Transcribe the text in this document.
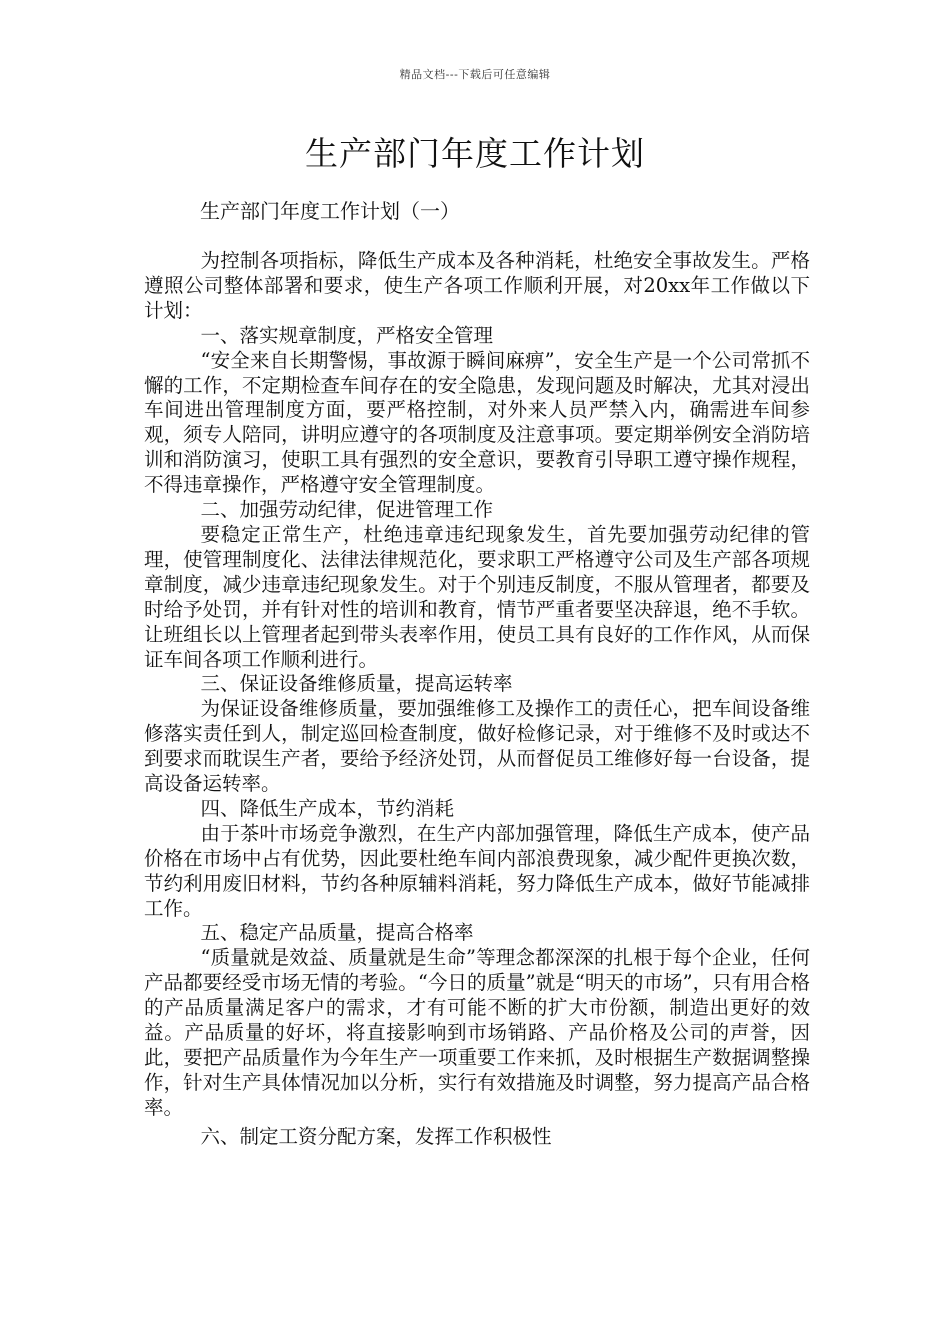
精品文档---下载后可任意编辑
生产部门年度工作计划

生产部门年度工作计划（一）

为控制各项指标，降低生产成本及各种消耗，杜绝安全事故发生。严格遵照公司整体部署和要求，使生产各项工作顺利开展，对20xx年工作做以下计划：

一、落实规章制度，严格安全管理

“安全来自长期警惕，事故源于瞬间麻痹”，安全生产是一个公司常抓不懈的工作，不定期检查车间存在的安全隐患，发现问题及时解决，尤其对浸出车间进出管理制度方面，要严格控制，对外来人员严禁入内，确需进车间参观，须专人陪同，讲明应遵守的各项制度及注意事项。要定期举例安全消防培训和消防演习，使职工具有强烈的安全意识，要教育引导职工遵守操作规程，不得违章操作，严格遵守安全管理制度。

二、加强劳动纪律，促进管理工作

要稳定正常生产，杜绝违章违纪现象发生，首先要加强劳动纪律的管理，使管理制度化、法律法律规范化，要求职工严格遵守公司及生产部各项规章制度，减少违章违纪现象发生。对于个别违反制度，不服从管理者，都要及时给予处罚，并有针对性的培训和教育，情节严重者要坚决辞退，绝不手软。让班组长以上管理者起到带头表率作用，使员工具有良好的工作作风，从而保证车间各项工作顺利进行。

三、保证设备维修质量，提高运转率

为保证设备维修质量，要加强维修工及操作工的责任心，把车间设备维修落实责任到人，制定巡回检查制度，做好检修记录，对于维修不及时或达不到要求而耽误生产者，要给予经济处罚，从而督促员工维修好每一台设备，提高设备运转率。

四、降低生产成本，节约消耗

由于茶叶市场竞争激烈，在生产内部加强管理，降低生产成本，使产品价格在市场中占有优势，因此要杜绝车间内部浪费现象，减少配件更换次数，节约利用废旧材料，节约各种原辅料消耗，努力降低生产成本，做好节能减排工作。

五、稳定产品质量，提高合格率

“质量就是效益、质量就是生命”等理念都深深的扎根于每个企业，任何产品都要经受市场无情的考验。“今日的质量”就是“明天的市场”，只有用合格的产品质量满足客户的需求，才有可能不断的扩大市份额，制造出更好的效益。产品质量的好坏，将直接影响到市场销路、产品价格及公司的声誉，因此，要把产品质量作为今年生产一项重要工作来抓，及时根据生产数据调整操作，针对生产具体情况加以分析，实行有效措施及时调整，努力提高产品合格率。

六、制定工资分配方案，发挥工作积极性
